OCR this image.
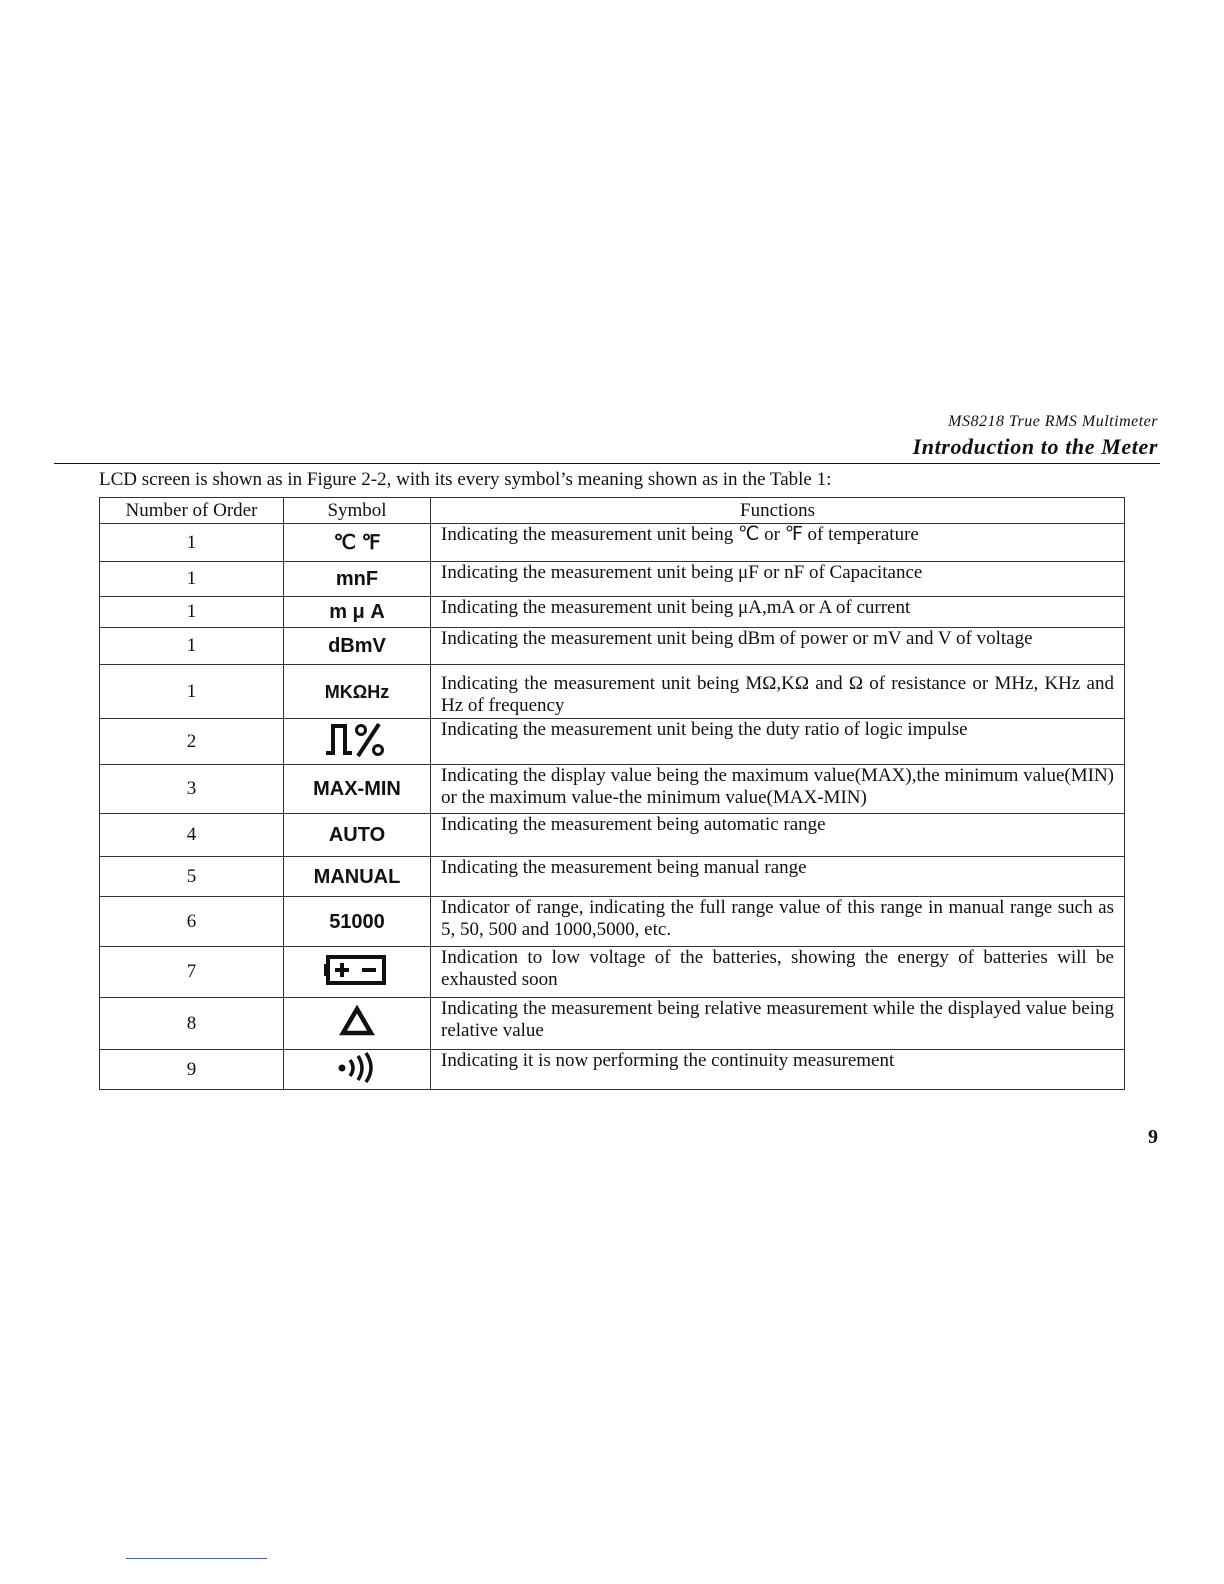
MS8218 True RMS Multimeter
Introduction to the Meter
LCD screen is shown as in Figure 2-2, with its every symbol’s meaning shown as in the Table 1:
Number of Order	Symbol	Functions
1	℃ ℉	Indicating the measurement unit being ℃ or ℉ of temperature
1	mnF	Indicating the measurement unit being μF or nF of Capacitance
1	m μ A	Indicating the measurement unit being μA,mA or A of current
1	dBmV	Indicating the measurement unit being dBm of power or mV and V of voltage
1	MKΩHz	Indicating the measurement unit being MΩ,KΩ and Ω of resistance or MHz, KHz and Hz of frequency
2		Indicating the measurement unit being the duty ratio of logic impulse
3	MAX-MIN	Indicating the display value being the maximum value(MAX),the minimum value(MIN) or the maximum value-the minimum value(MAX-MIN)
4	AUTO	Indicating the measurement being automatic range
5	MANUAL	Indicating the measurement being manual range
6	51000	Indicator of range, indicating the full range value of this range in manual range such as 5, 50, 500 and 1000,5000, etc.
7		Indication to low voltage of the batteries, showing the energy of batteries will be exhausted soon
8		Indicating the measurement being relative measurement while the displayed value being relative value
9		Indicating it is now performing the continuity measurement
9
